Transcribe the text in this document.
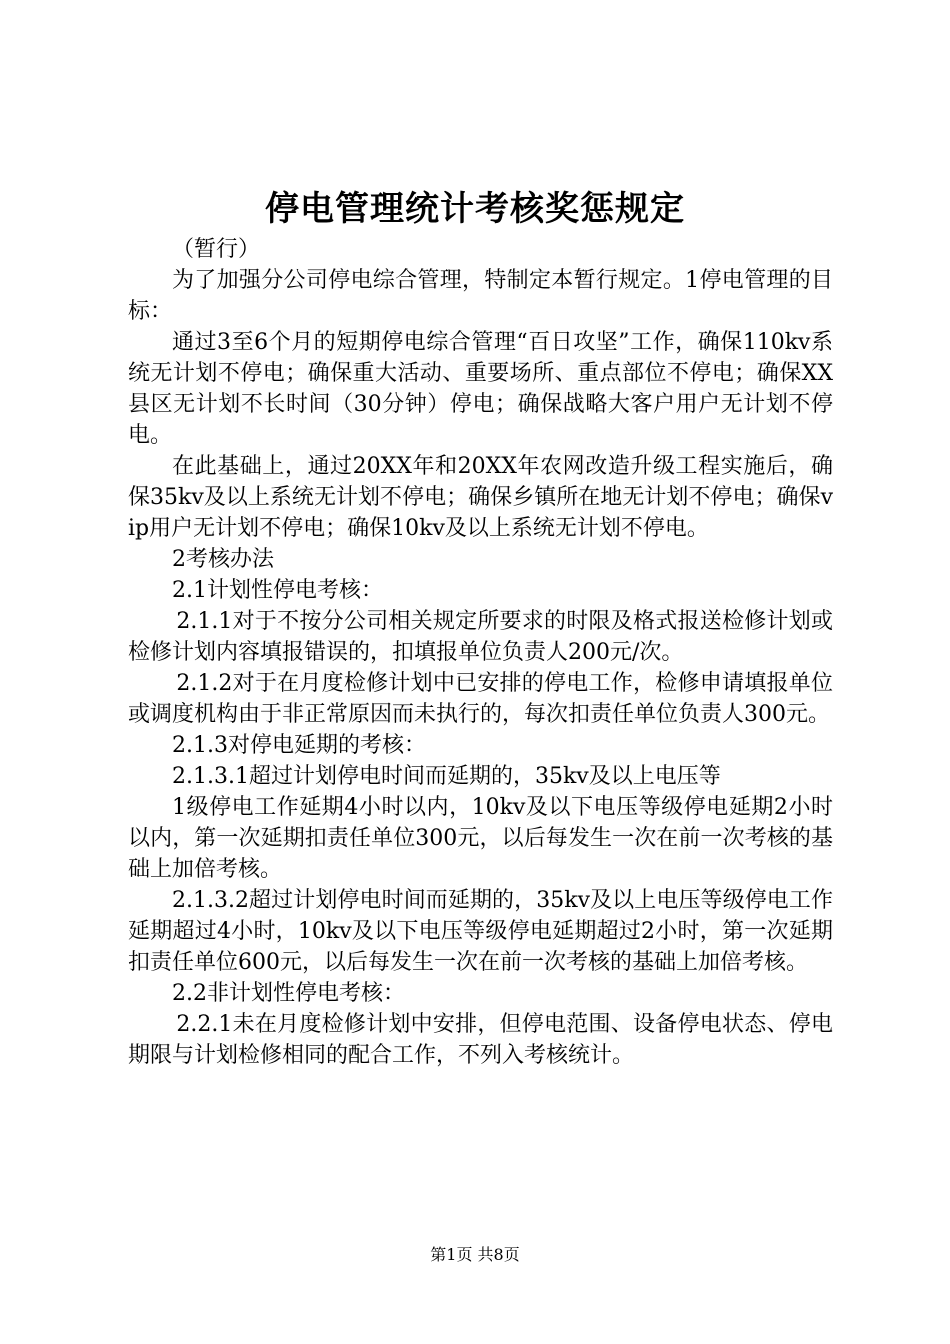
停电管理统计考核奖惩规定

（暂行）

为了加强分公司停电综合管理，特制定本暂行规定。1停电管理的目标：

通过3至6个月的短期停电综合管理“百日攻坚”工作，确保110kv系统无计划不停电；确保重大活动、重要场所、重点部位不停电；确保XX县区无计划不长时间（30分钟）停电；确保战略大客户用户无计划不停电。

在此基础上，通过20XX年和20XX年农网改造升级工程实施后，确保35kv及以上系统无计划不停电；确保乡镇所在地无计划不停电；确保vip用户无计划不停电；确保10kv及以上系统无计划不停电。

2考核办法

2.1计划性停电考核：

2.1.1对于不按分公司相关规定所要求的时限及格式报送检修计划或检修计划内容填报错误的，扣填报单位负责人200元/次。

2.1.2对于在月度检修计划中已安排的停电工作，检修申请填报单位或调度机构由于非正常原因而未执行的，每次扣责任单位负责人300元。

2.1.3对停电延期的考核：

2.1.3.1超过计划停电时间而延期的，35kv及以上电压等

1级停电工作延期4小时以内，10kv及以下电压等级停电延期2小时以内，第一次延期扣责任单位300元，以后每发生一次在前一次考核的基础上加倍考核。

2.1.3.2超过计划停电时间而延期的，35kv及以上电压等级停电工作延期超过4小时，10kv及以下电压等级停电延期超过2小时，第一次延期扣责任单位600元，以后每发生一次在前一次考核的基础上加倍考核。

2.2非计划性停电考核：

2.2.1未在月度检修计划中安排，但停电范围、设备停电状态、停电期限与计划检修相同的配合工作，不列入考核统计。

第1页 共8页
